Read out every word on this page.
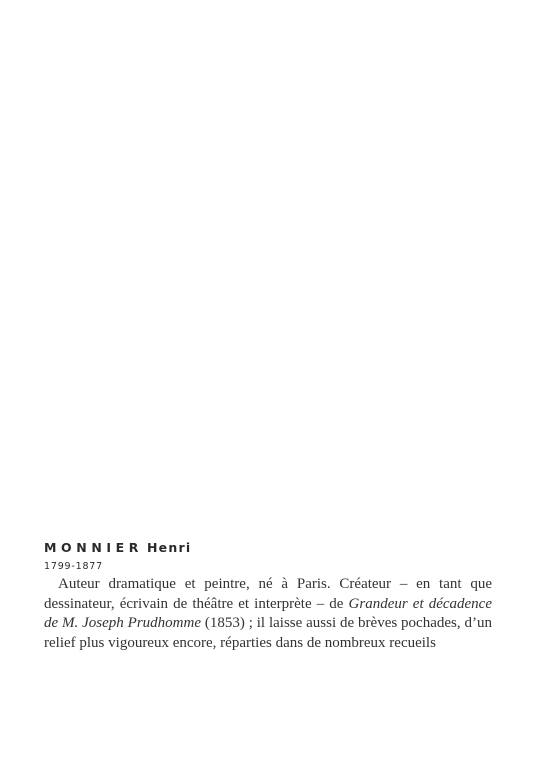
MONNIER Henri

1799-1877

Auteur dramatique et peintre, né à Paris. Créateur – en tant que dessinateur, écrivain de théâtre et interprète – de Grandeur et décadence de M. Joseph Prudhomme (1853) ; il laisse aussi de brèves pochades, d’un relief plus vigoureux encore, réparties dans de nombreux recueils
